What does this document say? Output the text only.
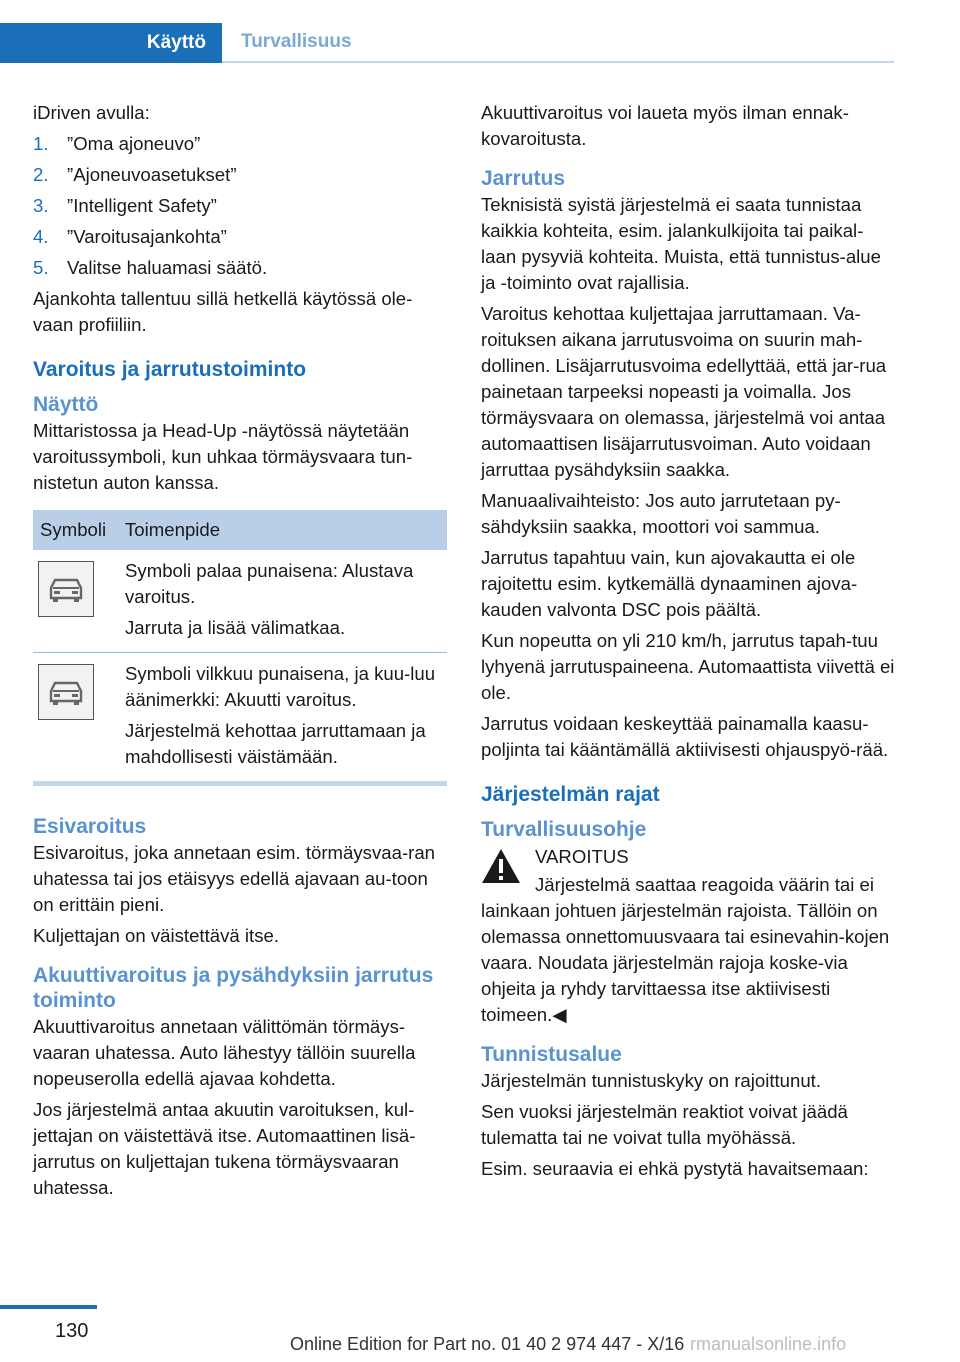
Käyttö	Turvallisuus

iDriven avulla:

1. ”Oma ajoneuvo”
2. ”Ajoneuvoasetukset”
3. ”Intelligent Safety”
4. ”Varoitusajankohta”
5. Valitse haluamasi säätö.

Ajankohta tallentuu sillä hetkellä käytössä ole-vaan profiiliin.

Varoitus ja jarrutustoiminto
Näyttö

Mittaristossa ja Head-Up -näytössä näytetään varoitussymboli, kun uhkaa törmäysvaara tun-nistetun auton kanssa.

Symboli	Toimenpide

Symboli palaa punaisena: Alustava varoitus.

Jarruta ja lisää välimatkaa.

Symboli vilkkuu punaisena, ja kuu-luu äänimerkki: Akuutti varoitus.

Järjestelmä kehottaa jarruttamaan ja mahdollisesti väistämään.

Esivaroitus

Esivaroitus, joka annetaan esim. törmäysvaa-ran uhatessa tai jos etäisyys edellä ajavaan au-toon on erittäin pieni.

Kuljettajan on väistettävä itse.

Akuuttivaroitus ja pysähdyksiin jarrutus toiminto

Akuuttivaroitus annetaan välittömän törmäys-vaaran uhatessa. Auto lähestyy tällöin suurella nopeuserolla edellä ajavaa kohdetta.

Jos järjestelmä antaa akuutin varoituksen, kul-jettajan on väistettävä itse. Automaattinen lisä-jarrutus on kuljettajan tukena törmäysvaaran uhatessa.

Akuuttivaroitus voi laueta myös ilman ennak-kovaroitusta.

Jarrutus

Teknisistä syistä järjestelmä ei saata tunnistaa kaikkia kohteita, esim. jalankulkijoita tai paikal-laan pysyviä kohteita. Muista, että tunnistus-alue ja -toiminto ovat rajallisia.

Varoitus kehottaa kuljettajaa jarruttamaan. Va-roituksen aikana jarrutusvoima on suurin mah-dollinen. Lisäjarrutusvoima edellyttää, että jar-rua painetaan tarpeeksi nopeasti ja voimalla. Jos törmäysvaara on olemassa, järjestelmä voi antaa automaattisen lisäjarrutusvoiman. Auto voidaan jarruttaa pysähdyksiin saakka.

Manuaalivaihteisto: Jos auto jarrutetaan py-sähdyksiin saakka, moottori voi sammua.

Jarrutus tapahtuu vain, kun ajovakautta ei ole rajoitettu esim. kytkemällä dynaaminen ajova-kauden valvonta DSC pois päältä.

Kun nopeutta on yli 210 km/h, jarrutus tapah-tuu lyhyenä jarrutuspaineena. Automaattista viivettä ei ole.

Jarrutus voidaan keskeyttää painamalla kaasu-poljinta tai kääntämällä aktiivisesti ohjauspyö-rää.

Järjestelmän rajat
Turvallisuusohje

VAROITUS

Järjestelmä saattaa reagoida väärin tai ei

lainkaan johtuen järjestelmän rajoista. Tällöin on olemassa onnettomuusvaara tai esinevahin-kojen vaara. Noudata järjestelmän rajoja koske-via ohjeita ja ryhdy tarvittaessa itse aktiivisesti toimeen.◀

Tunnistusalue

Järjestelmän tunnistuskyky on rajoittunut.

Sen vuoksi järjestelmän reaktiot voivat jäädä tulematta tai ne voivat tulla myöhässä.

Esim. seuraavia ei ehkä pystytä havaitsemaan:

130
Online Edition for Part no. 01 40 2 974 447 - X/16 rmanualsonline.info
